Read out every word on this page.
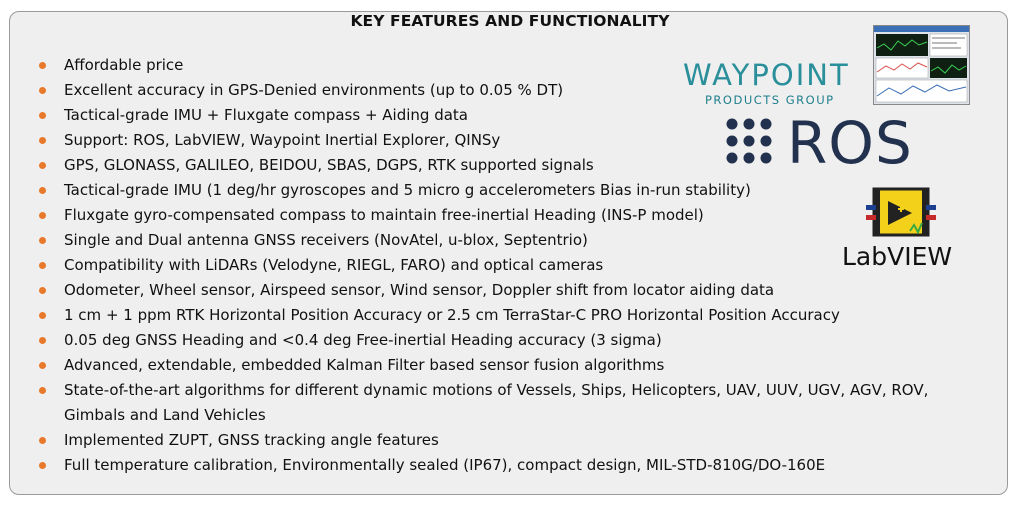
KEY FEATURES AND FUNCTIONALITY
Affordable price
Excellent accuracy in GPS-Denied environments (up to 0.05 % DT)
Tactical-grade IMU + Fluxgate compass + Aiding data
Support: ROS, LabVIEW, Waypoint Inertial Explorer, QINSy
GPS, GLONASS, GALILEO, BEIDOU, SBAS, DGPS, RTK supported signals
Tactical-grade IMU (1 deg/hr gyroscopes and 5 micro g accelerometers Bias in-run stability)
Fluxgate gyro-compensated compass to maintain free-inertial Heading (INS-P model)
Single and Dual antenna GNSS receivers (NovAtel, u-blox, Septentrio)
Compatibility with LiDARs (Velodyne, RIEGL, FARO) and optical cameras
Odometer, Wheel sensor, Airspeed sensor, Wind sensor, Doppler shift from locator aiding data
1 cm + 1 ppm RTK Horizontal Position Accuracy or 2.5 cm TerraStar-C PRO Horizontal Position Accuracy
0.05 deg GNSS Heading and <0.4 deg Free-inertial Heading accuracy (3 sigma)
Advanced, extendable, embedded Kalman Filter based sensor fusion algorithms
State-of-the-art algorithms for different dynamic motions of Vessels, Ships, Helicopters, UAV, UUV, UGV, AGV, ROV, Gimbals and Land Vehicles
Implemented ZUPT, GNSS tracking angle features
Full temperature calibration, Environmentally sealed (IP67), compact design, MIL-STD-810G/DO-160E
WAYPOINT
PRODUCTS GROUP
ROS
LabVIEW
